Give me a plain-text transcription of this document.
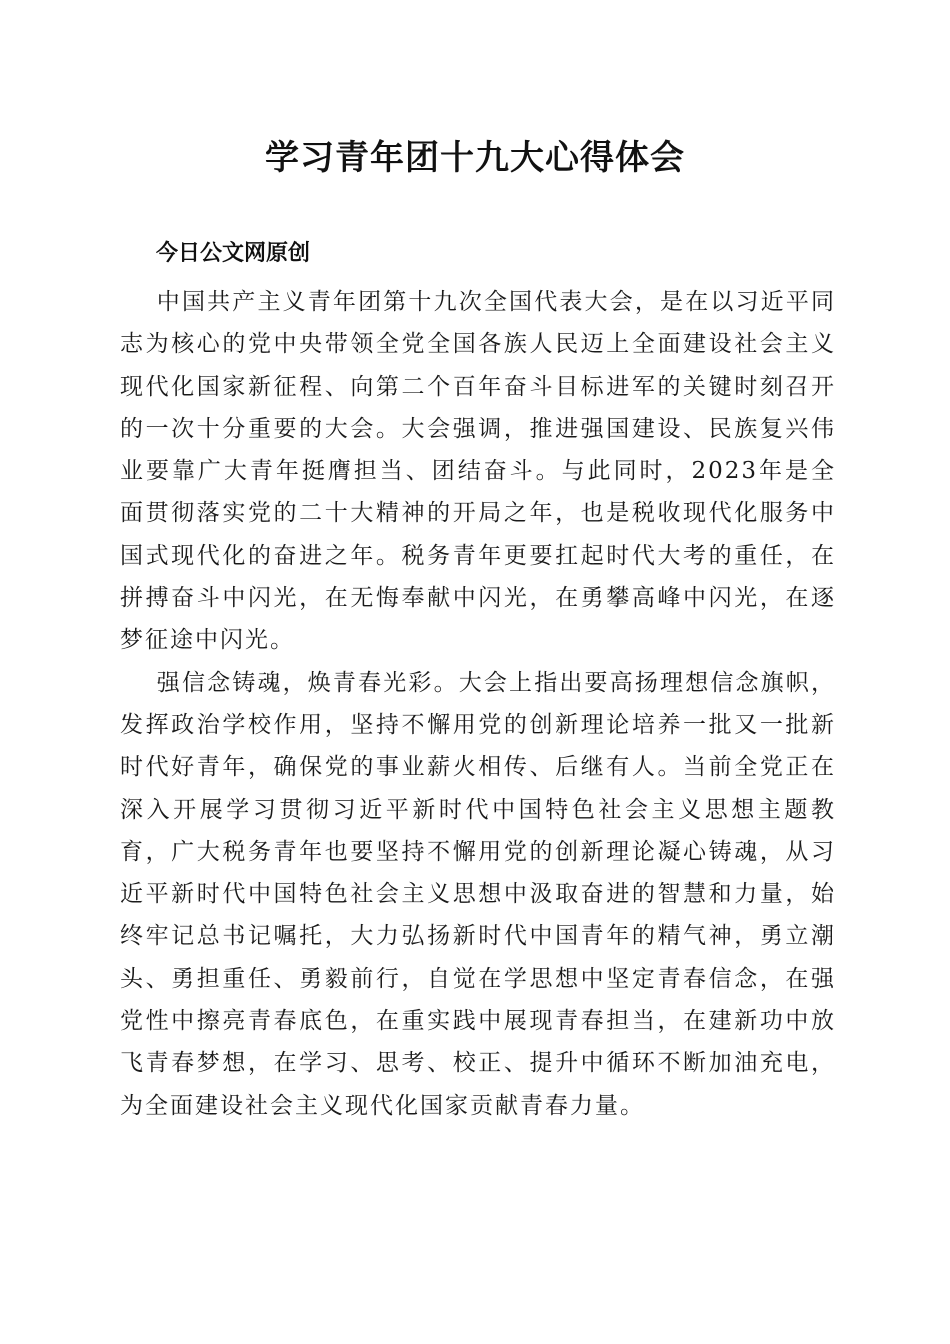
学习青年团十九大心得体会
今日公文网原创

中国共产主义青年团第十九次全国代表大会，是在以习近平同志为核心的党中央带领全党全国各族人民迈上全面建设社会主义现代化国家新征程、向第二个百年奋斗目标进军的关键时刻召开的一次十分重要的大会。大会强调，推进强国建设、民族复兴伟业要靠广大青年挺膺担当、团结奋斗。与此同时，2023年是全面贯彻落实党的二十大精神的开局之年，也是税收现代化服务中国式现代化的奋进之年。税务青年更要扛起时代大考的重任，在拼搏奋斗中闪光，在无悔奉献中闪光，在勇攀高峰中闪光，在逐梦征途中闪光。

强信念铸魂，焕青春光彩。大会上指出要高扬理想信念旗帜，发挥政治学校作用，坚持不懈用党的创新理论培养一批又一批新时代好青年，确保党的事业薪火相传、后继有人。当前全党正在深入开展学习贯彻习近平新时代中国特色社会主义思想主题教育，广大税务青年也要坚持不懈用党的创新理论凝心铸魂，从习近平新时代中国特色社会主义思想中汲取奋进的智慧和力量，始终牢记总书记嘱托，大力弘扬新时代中国青年的精气神，勇立潮头、勇担重任、勇毅前行，自觉在学思想中坚定青春信念，在强党性中擦亮青春底色，在重实践中展现青春担当，在建新功中放飞青春梦想，在学习、思考、校正、提升中循环不断加油充电，为全面建设社会主义现代化国家贡献青春力量。
